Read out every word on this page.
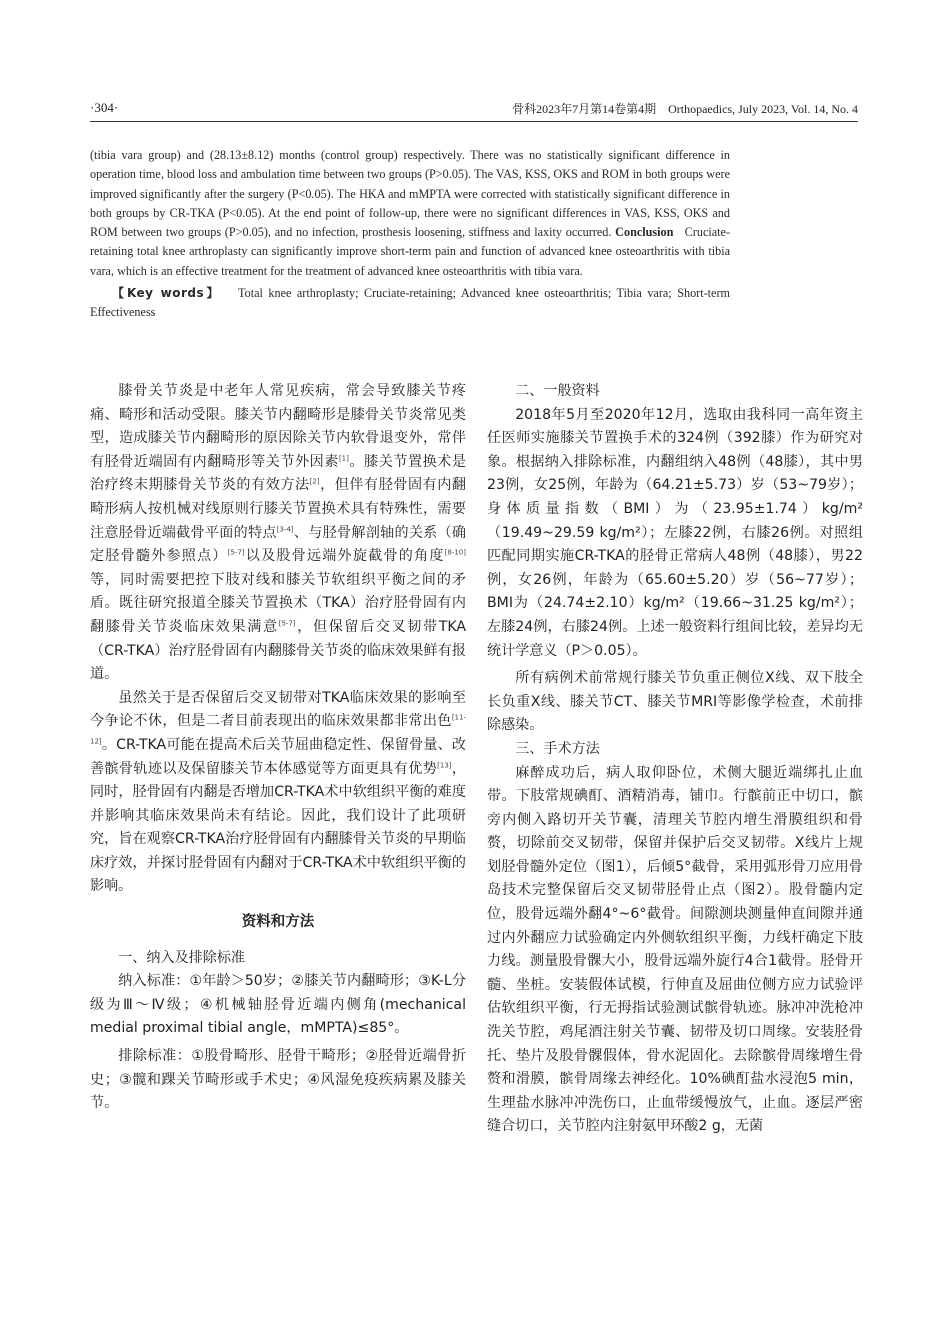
·304·	骨科2023年7月第14卷第4期　Orthopaedics, July 2023, Vol. 14, No. 4

(tibia vara group) and (28.13±8.12) months (control group) respectively. There was no statistically significant difference in operation time, blood loss and ambulation time between two groups (P>0.05). The VAS, KSS, OKS and ROM in both groups were improved significantly after the surgery (P<0.05). The HKA and mMPTA were corrected with statistically significant difference in both groups by CR-TKA (P<0.05). At the end point of follow-up, there were no significant differences in VAS, KSS, OKS and ROM between two groups (P>0.05), and no infection, prosthesis loosening, stiffness and laxity occurred. Conclusion Cruciate-retaining total knee arthroplasty can significantly improve short-term pain and function of advanced knee osteoarthritis with tibia vara, which is an effective treatment for the treatment of advanced knee osteoarthritis with tibia vara.

【Key words】 Total knee arthroplasty; Cruciate-retaining; Advanced knee osteoarthritis; Tibia vara; Short-term Effectiveness

膝骨关节炎是中老年人常见疾病，常会导致膝关节疼痛、畸形和活动受限。膝关节内翻畸形是膝骨关节炎常见类型，造成膝关节内翻畸形的原因除关节内软骨退变外，常伴有胫骨近端固有内翻畸形等关节外因素[1]。膝关节置换术是治疗终末期膝骨关节炎的有效方法[2]，但伴有胫骨固有内翻畸形病人按机械对线原则行膝关节置换术具有特殊性，需要注意胫骨近端截骨平面的特点[3-4]、与胫骨解剖轴的关系（确定胫骨髓外参照点）[5-7]以及股骨远端外旋截骨的角度[8-10]等，同时需要把控下肢对线和膝关节软组织平衡之间的矛盾。既往研究报道全膝关节置换术（TKA）治疗胫骨固有内翻膝骨关节炎临床效果满意[5-7]，但保留后交叉韧带TKA（CR-TKA）治疗胫骨固有内翻膝骨关节炎的临床效果鲜有报道。

虽然关于是否保留后交叉韧带对TKA临床效果的影响至今争论不休，但是二者目前表现出的临床效果都非常出色[11-12]。CR-TKA可能在提高术后关节屈曲稳定性、保留骨量、改善髌骨轨迹以及保留膝关节本体感觉等方面更具有优势[13]，同时，胫骨固有内翻是否增加CR-TKA术中软组织平衡的难度并影响其临床效果尚未有结论。因此，我们设计了此项研究，旨在观察CR-TKA治疗胫骨固有内翻膝骨关节炎的早期临床疗效，并探讨胫骨固有内翻对于CR-TKA术中软组织平衡的影响。

资料和方法

一、纳入及排除标准

纳入标准：①年龄＞50岁；②膝关节内翻畸形；③K-L分级为Ⅲ～Ⅳ级；④机械轴胫骨近端内侧角(mechanical medial proximal tibial angle，mMPTA)≤85°。

排除标准：①股骨畸形、胫骨干畸形；②胫骨近端骨折史；③髋和踝关节畸形或手术史；④风湿免疫疾病累及膝关节。

二、一般资料

2018年5月至2020年12月，选取由我科同一高年资主任医师实施膝关节置换手术的324例（392膝）作为研究对象。根据纳入排除标准，内翻组纳入48例（48膝），其中男23例，女25例，年龄为（64.21±5.73）岁（53~79岁）；身体质量指数（BMI）为（23.95±1.74）kg/m²（19.49~29.59 kg/m²）；左膝22例，右膝26例。对照组匹配同期实施CR-TKA的胫骨正常病人48例（48膝），男22例，女26例，年龄为（65.60±5.20）岁（56~77岁）；BMI为（24.74±2.10）kg/m²（19.66~31.25 kg/m²）；左膝24例，右膝24例。上述一般资料行组间比较，差异均无统计学意义（P＞0.05）。

所有病例术前常规行膝关节负重正侧位X线、双下肢全长负重X线、膝关节CT、膝关节MRI等影像学检查，术前排除感染。

三、手术方法

麻醉成功后，病人取仰卧位，术侧大腿近端绑扎止血带。下肢常规碘酊、酒精消毒，铺巾。行髌前正中切口，髌旁内侧入路切开关节囊，清理关节腔内增生滑膜组织和骨赘，切除前交叉韧带，保留并保护后交叉韧带。X线片上规划胫骨髓外定位（图1），后倾5°截骨，采用弧形骨刀应用骨岛技术完整保留后交叉韧带胫骨止点（图2）。股骨髓内定位，股骨远端外翻4°~6°截骨。间隙测块测量伸直间隙并通过内外翻应力试验确定内外侧软组织平衡，力线杆确定下肢力线。测量股骨髁大小，股骨远端外旋行4合1截骨。胫骨开髓、坐桩。安装假体试模，行伸直及屈曲位侧方应力试验评估软组织平衡，行无拇指试验测试髌骨轨迹。脉冲冲洗枪冲洗关节腔，鸡尾酒注射关节囊、韧带及切口周缘。安装胫骨托、垫片及股骨髁假体，骨水泥固化。去除髌骨周缘增生骨赘和滑膜，髌骨周缘去神经化。10%碘酊盐水浸泡5 min，生理盐水脉冲冲洗伤口，止血带缓慢放气，止血。逐层严密缝合切口，关节腔内注射氨甲环酸2 g，无菌
